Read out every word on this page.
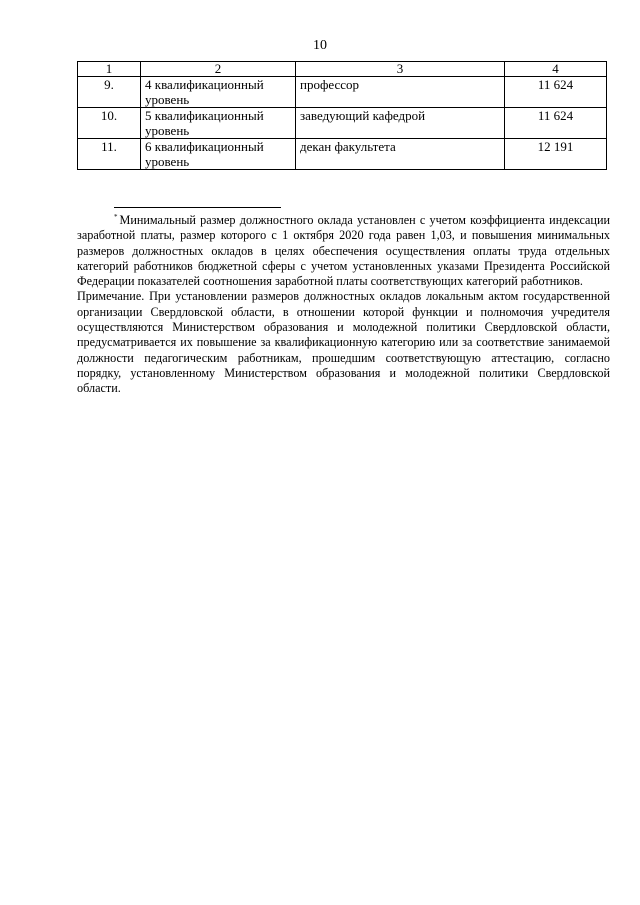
10
1	2	3	4
9.	4 квалификационный уровень	профессор	11 624
10.	5 квалификационный уровень	заведующий кафедрой	11 624
11.	6 квалификационный уровень	декан факультета	12 191

* Минимальный размер должностного оклада установлен с учетом коэффициента индексации заработной платы, размер которого с 1 октября 2020 года равен 1,03, и повышения минимальных размеров должностных окладов в целях обеспечения осуществления оплаты труда отдельных категорий работников бюджетной сферы с учетом установленных указами Президента Российской Федерации показателей соотношения заработной платы соответствующих категорий работников.

Примечание. При установлении размеров должностных окладов локальным актом государственной организации Свердловской области, в отношении которой функции и полномочия учредителя осуществляются Министерством образования и молодежной политики Свердловской области, предусматривается их повышение за квалификационную категорию или за соответствие занимаемой должности педагогическим работникам, прошедшим соответствующую аттестацию, согласно порядку, установленному Министерством образования и молодежной политики Свердловской области.
